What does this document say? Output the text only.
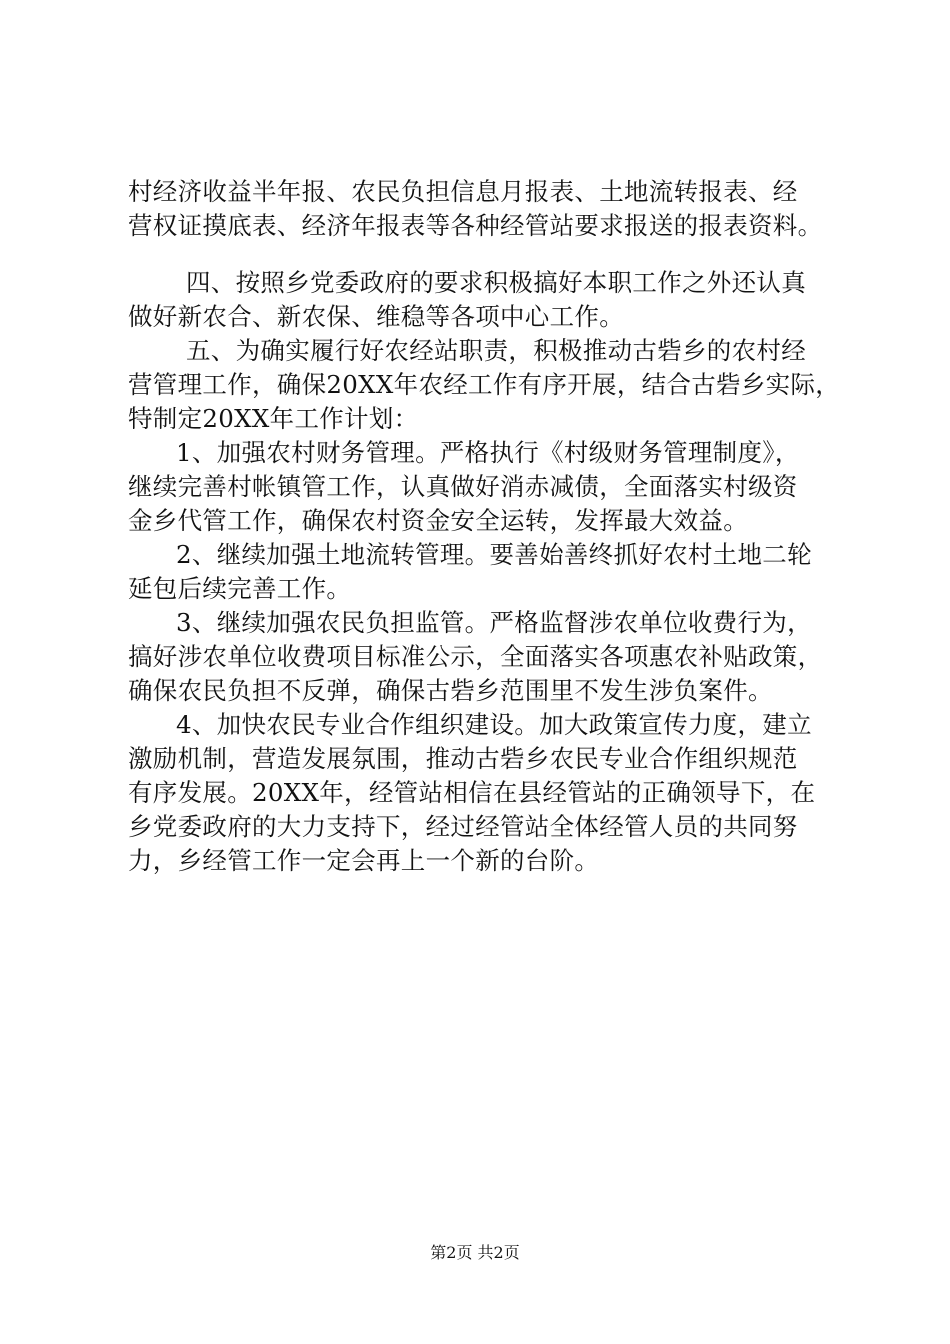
村经济收益半年报、农民负担信息月报表、土地流转报表、经
营权证摸底表、经济年报表等各种经管站要求报送的报表资料。
四、按照乡党委政府的要求积极搞好本职工作之外还认真
做好新农合、新农保、维稳等各项中心工作。
五、为确实履行好农经站职责，积极推动古砦乡的农村经
营管理工作，确保20XX年农经工作有序开展，结合古砦乡实际，
特制定20XX年工作计划：
1、加强农村财务管理。严格执行《村级财务管理制度》，
继续完善村帐镇管工作，认真做好消赤减债，全面落实村级资
金乡代管工作，确保农村资金安全运转，发挥最大效益。
2、继续加强土地流转管理。要善始善终抓好农村土地二轮
延包后续完善工作。
3、继续加强农民负担监管。严格监督涉农单位收费行为，
搞好涉农单位收费项目标准公示，全面落实各项惠农补贴政策，
确保农民负担不反弹，确保古砦乡范围里不发生涉负案件。
4、加快农民专业合作组织建设。加大政策宣传力度，建立
激励机制，营造发展氛围，推动古砦乡农民专业合作组织规范
有序发展。20XX年，经管站相信在县经管站的正确领导下，在
乡党委政府的大力支持下，经过经管站全体经管人员的共同努
力，乡经管工作一定会再上一个新的台阶。
第2页 共2页
